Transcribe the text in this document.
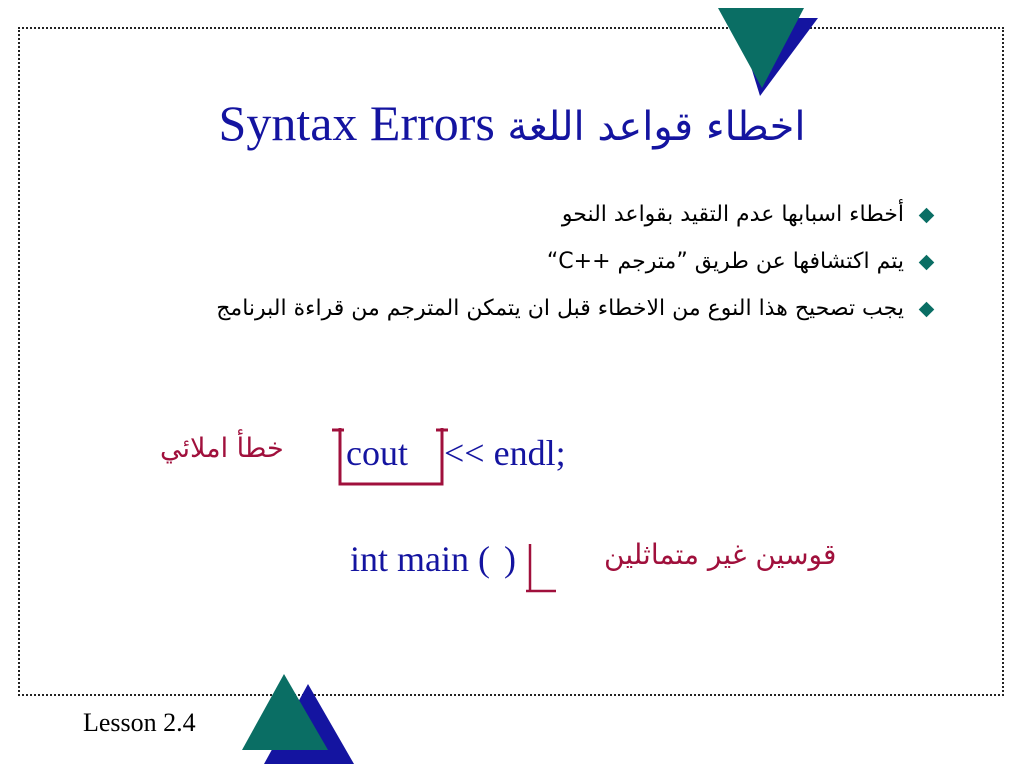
Syntax Errors اخطاء قواعد اللغة
أخطاء اسبابها عدم التقيد بقواعد النحو
يتم اكتشافها عن طريق ”مترجم ++C“
يجب تصحيح هذا النوع من الاخطاء قبل ان يتمكن المترجم من قراءة البرنامج
خطأ املائي cout << endl;
int main ( )	قوسين غير متماثلين
Lesson 2.4
